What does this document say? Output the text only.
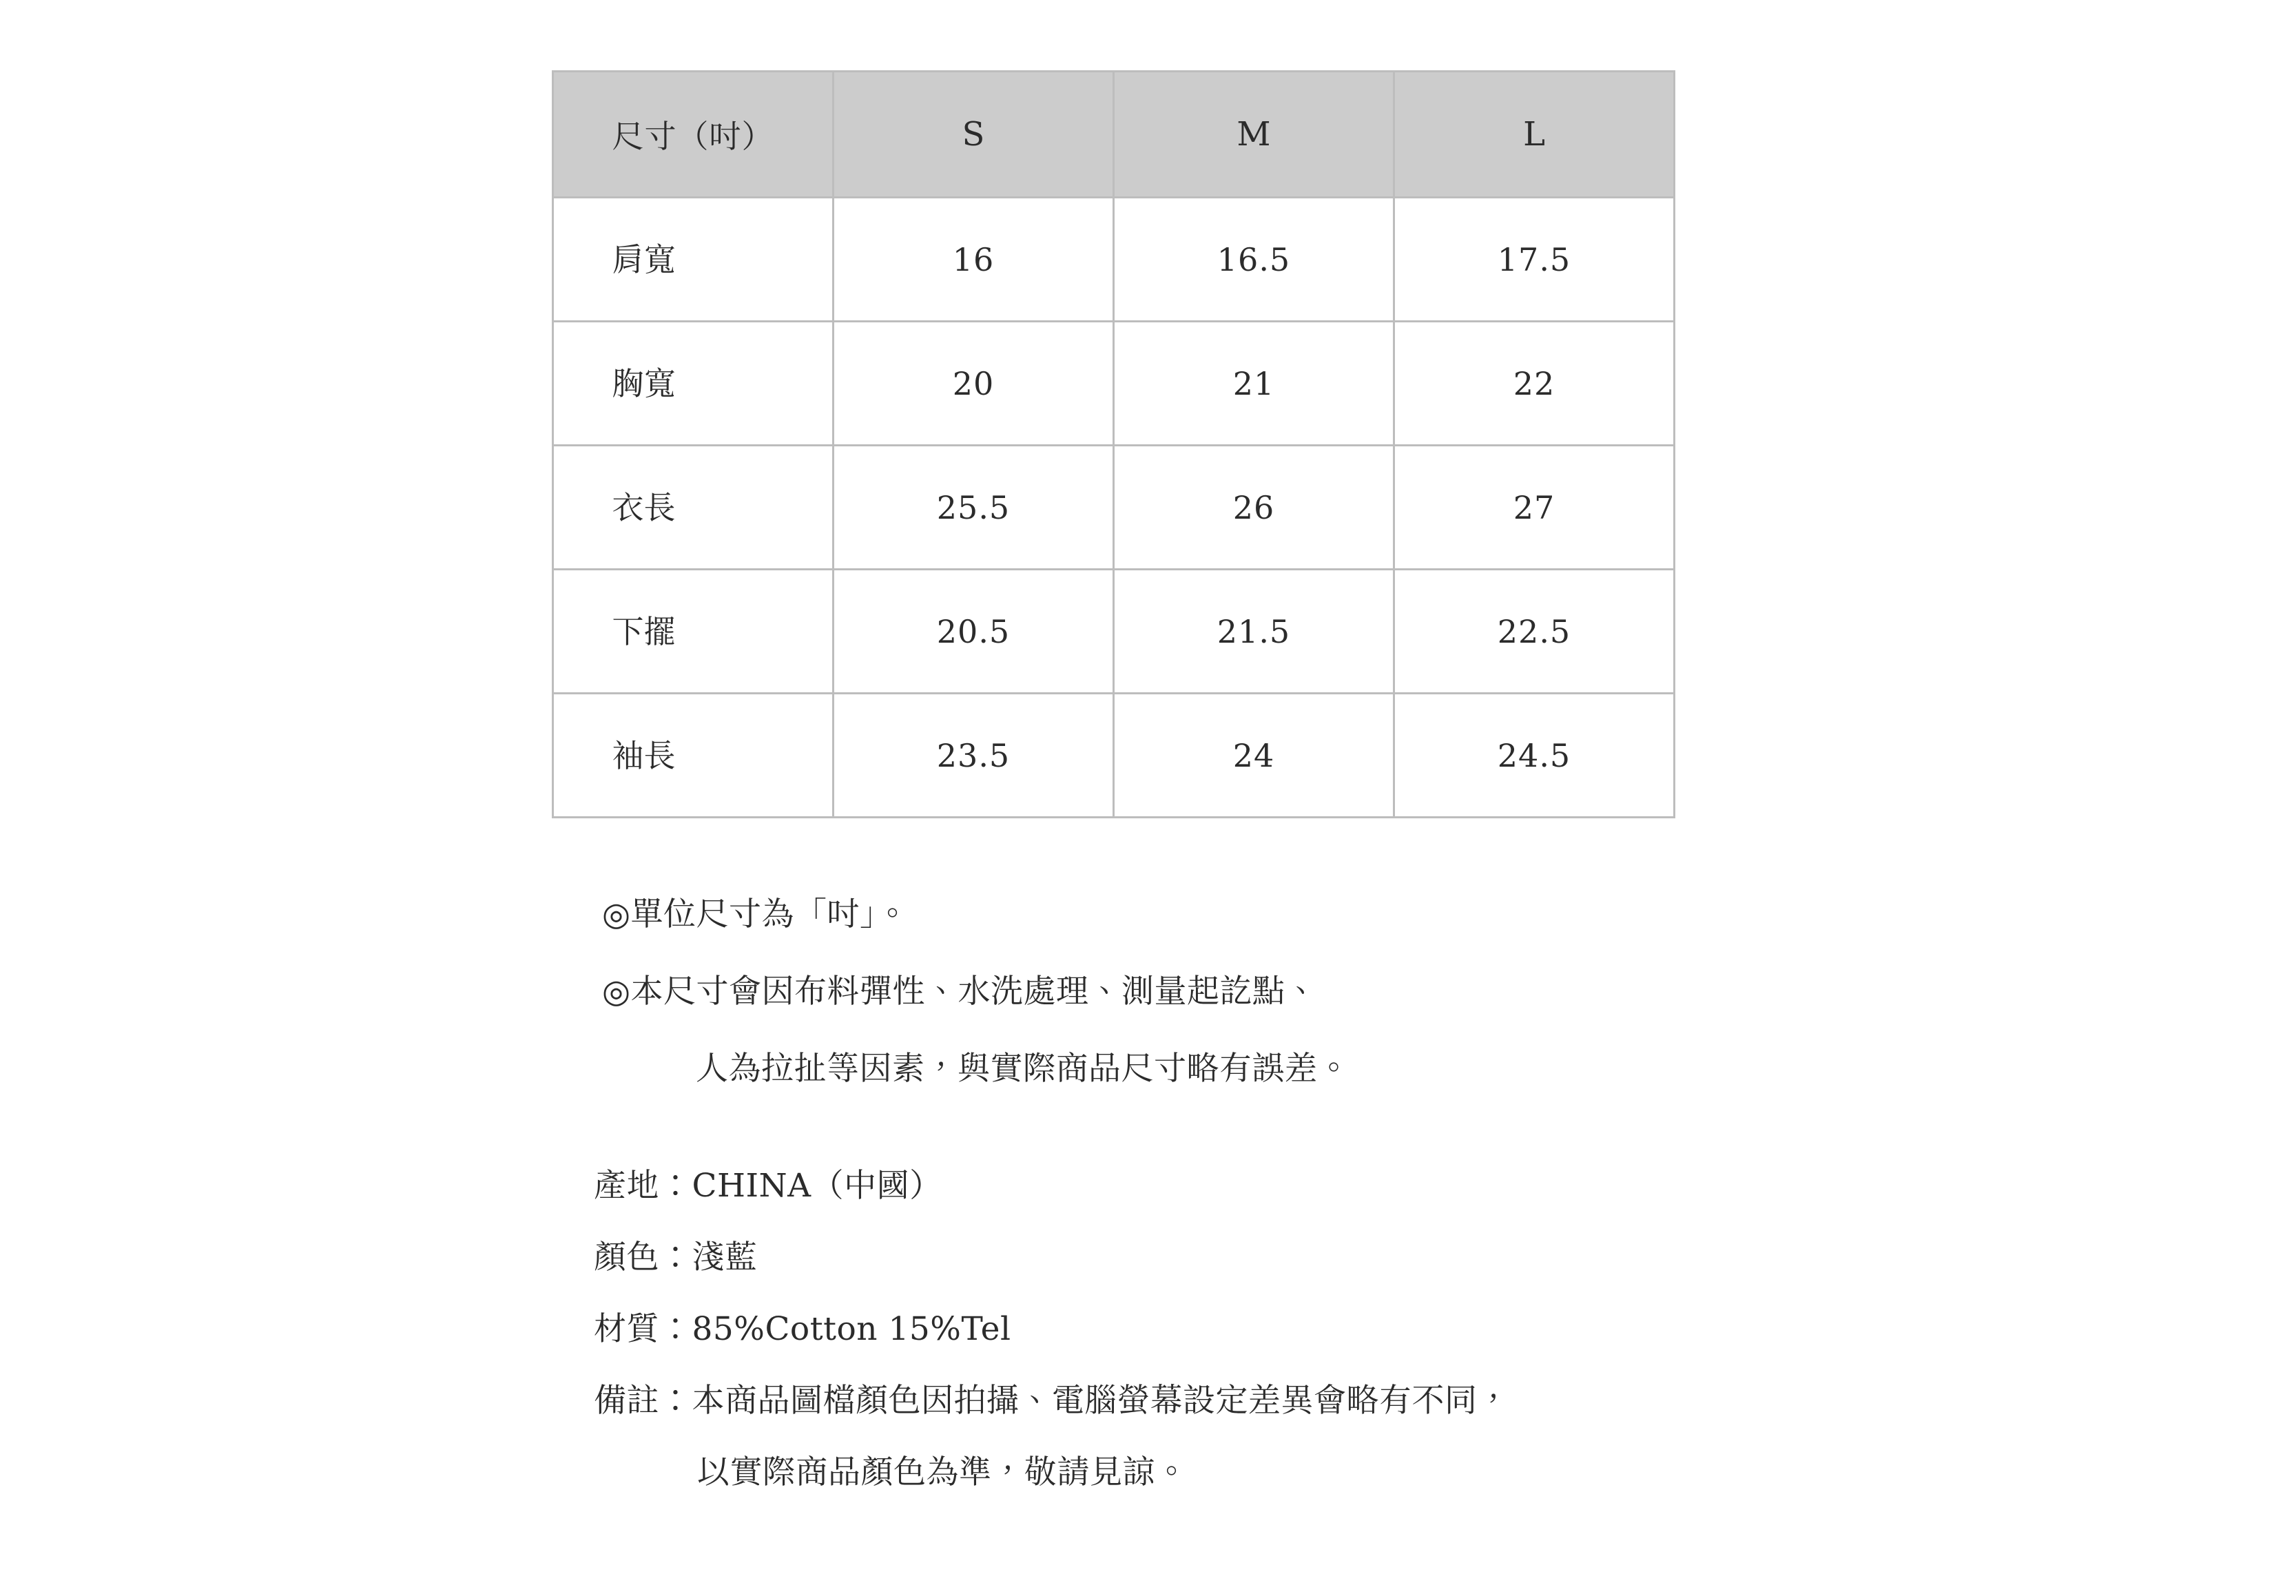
尺寸（吋）	S	M	L
肩寬	16	16.5	17.5
胸寬	20	21	22
衣長	25.5	26	27
下擺	20.5	21.5	22.5
袖長	23.5	24	24.5
◎單位尺寸為「吋」。
◎本尺寸會因布料彈性、水洗處理、測量起訖點、
人為拉扯等因素，與實際商品尺寸略有誤差。
產地：CHINA（中國）
顏色：淺藍
材質：85%Cotton 15%Tel
備註：本商品圖檔顏色因拍攝、電腦螢幕設定差異會略有不同，
以實際商品顏色為準，敬請見諒。
